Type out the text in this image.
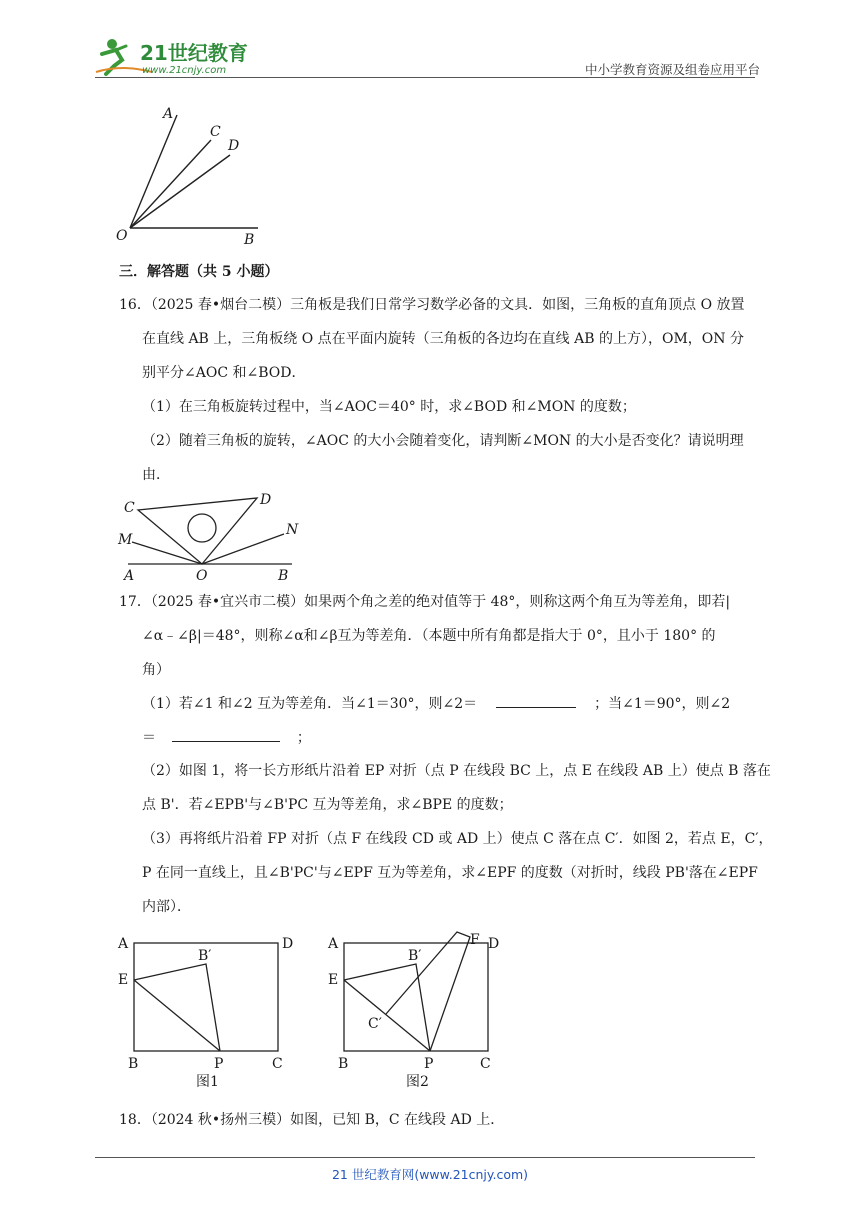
21世纪教育
www.21cnjy.com	中小学教育资源及组卷应用平台
A
C
D
O	B
三．解答题（共 5 小题）
16．（2025 春•烟台二模）三角板是我们日常学习数学必备的文具．如图，三角板的直角顶点 O 放置
在直线 AB 上，三角板绕 O 点在平面内旋转（三角板的各边均在直线 AB 的上方），OM，ON 分
别平分∠AOC 和∠BOD．
（1）在三角板旋转过程中，当∠AOC＝40° 时，求∠BOD 和∠MON 的度数；
（2）随着三角板的旋转，∠AOC 的大小会随着变化，请判断∠MON 的大小是否变化？请说明理
由．
C	D
M
N
A	O	B
17．（2025 春•宜兴市二模）如果两个角之差的绝对值等于 48°，则称这两个角互为等差角，即若|
∠α﹣∠β|＝48°，则称∠α和∠β互为等差角．（本题中所有角都是指大于 0°，且小于 180° 的
角）
（1）若∠1 和∠2 互为等差角．当∠1＝30°，则∠2＝	；当∠1＝90°，则∠2
＝	；
（2）如图 1，将一长方形纸片沿着 EP 对折（点 P 在线段 BC 上，点 E 在线段 AB 上）使点 B 落在
点 B'．若∠EPB'与∠B'PC 互为等差角，求∠BPE 的度数；
（3）再将纸片沿着 FP 对折（点 F 在线段 CD 或 AD 上）使点 C 落在点 C′．如图 2，若点 E，C′，
P 在同一直线上，且∠B'PC'与∠EPF 互为等差角，求∠EPF 的度数（对折时，线段 PB'落在∠EPF
内部）．
A	D
B′
E
B	P	C
图1
A	F D
B′
E
C′
B	P	C
图2
18．（2024 秋•扬州三模）如图，已知 B，C 在线段 AD 上．
21 世纪教育网(www.21cnjy.com)
